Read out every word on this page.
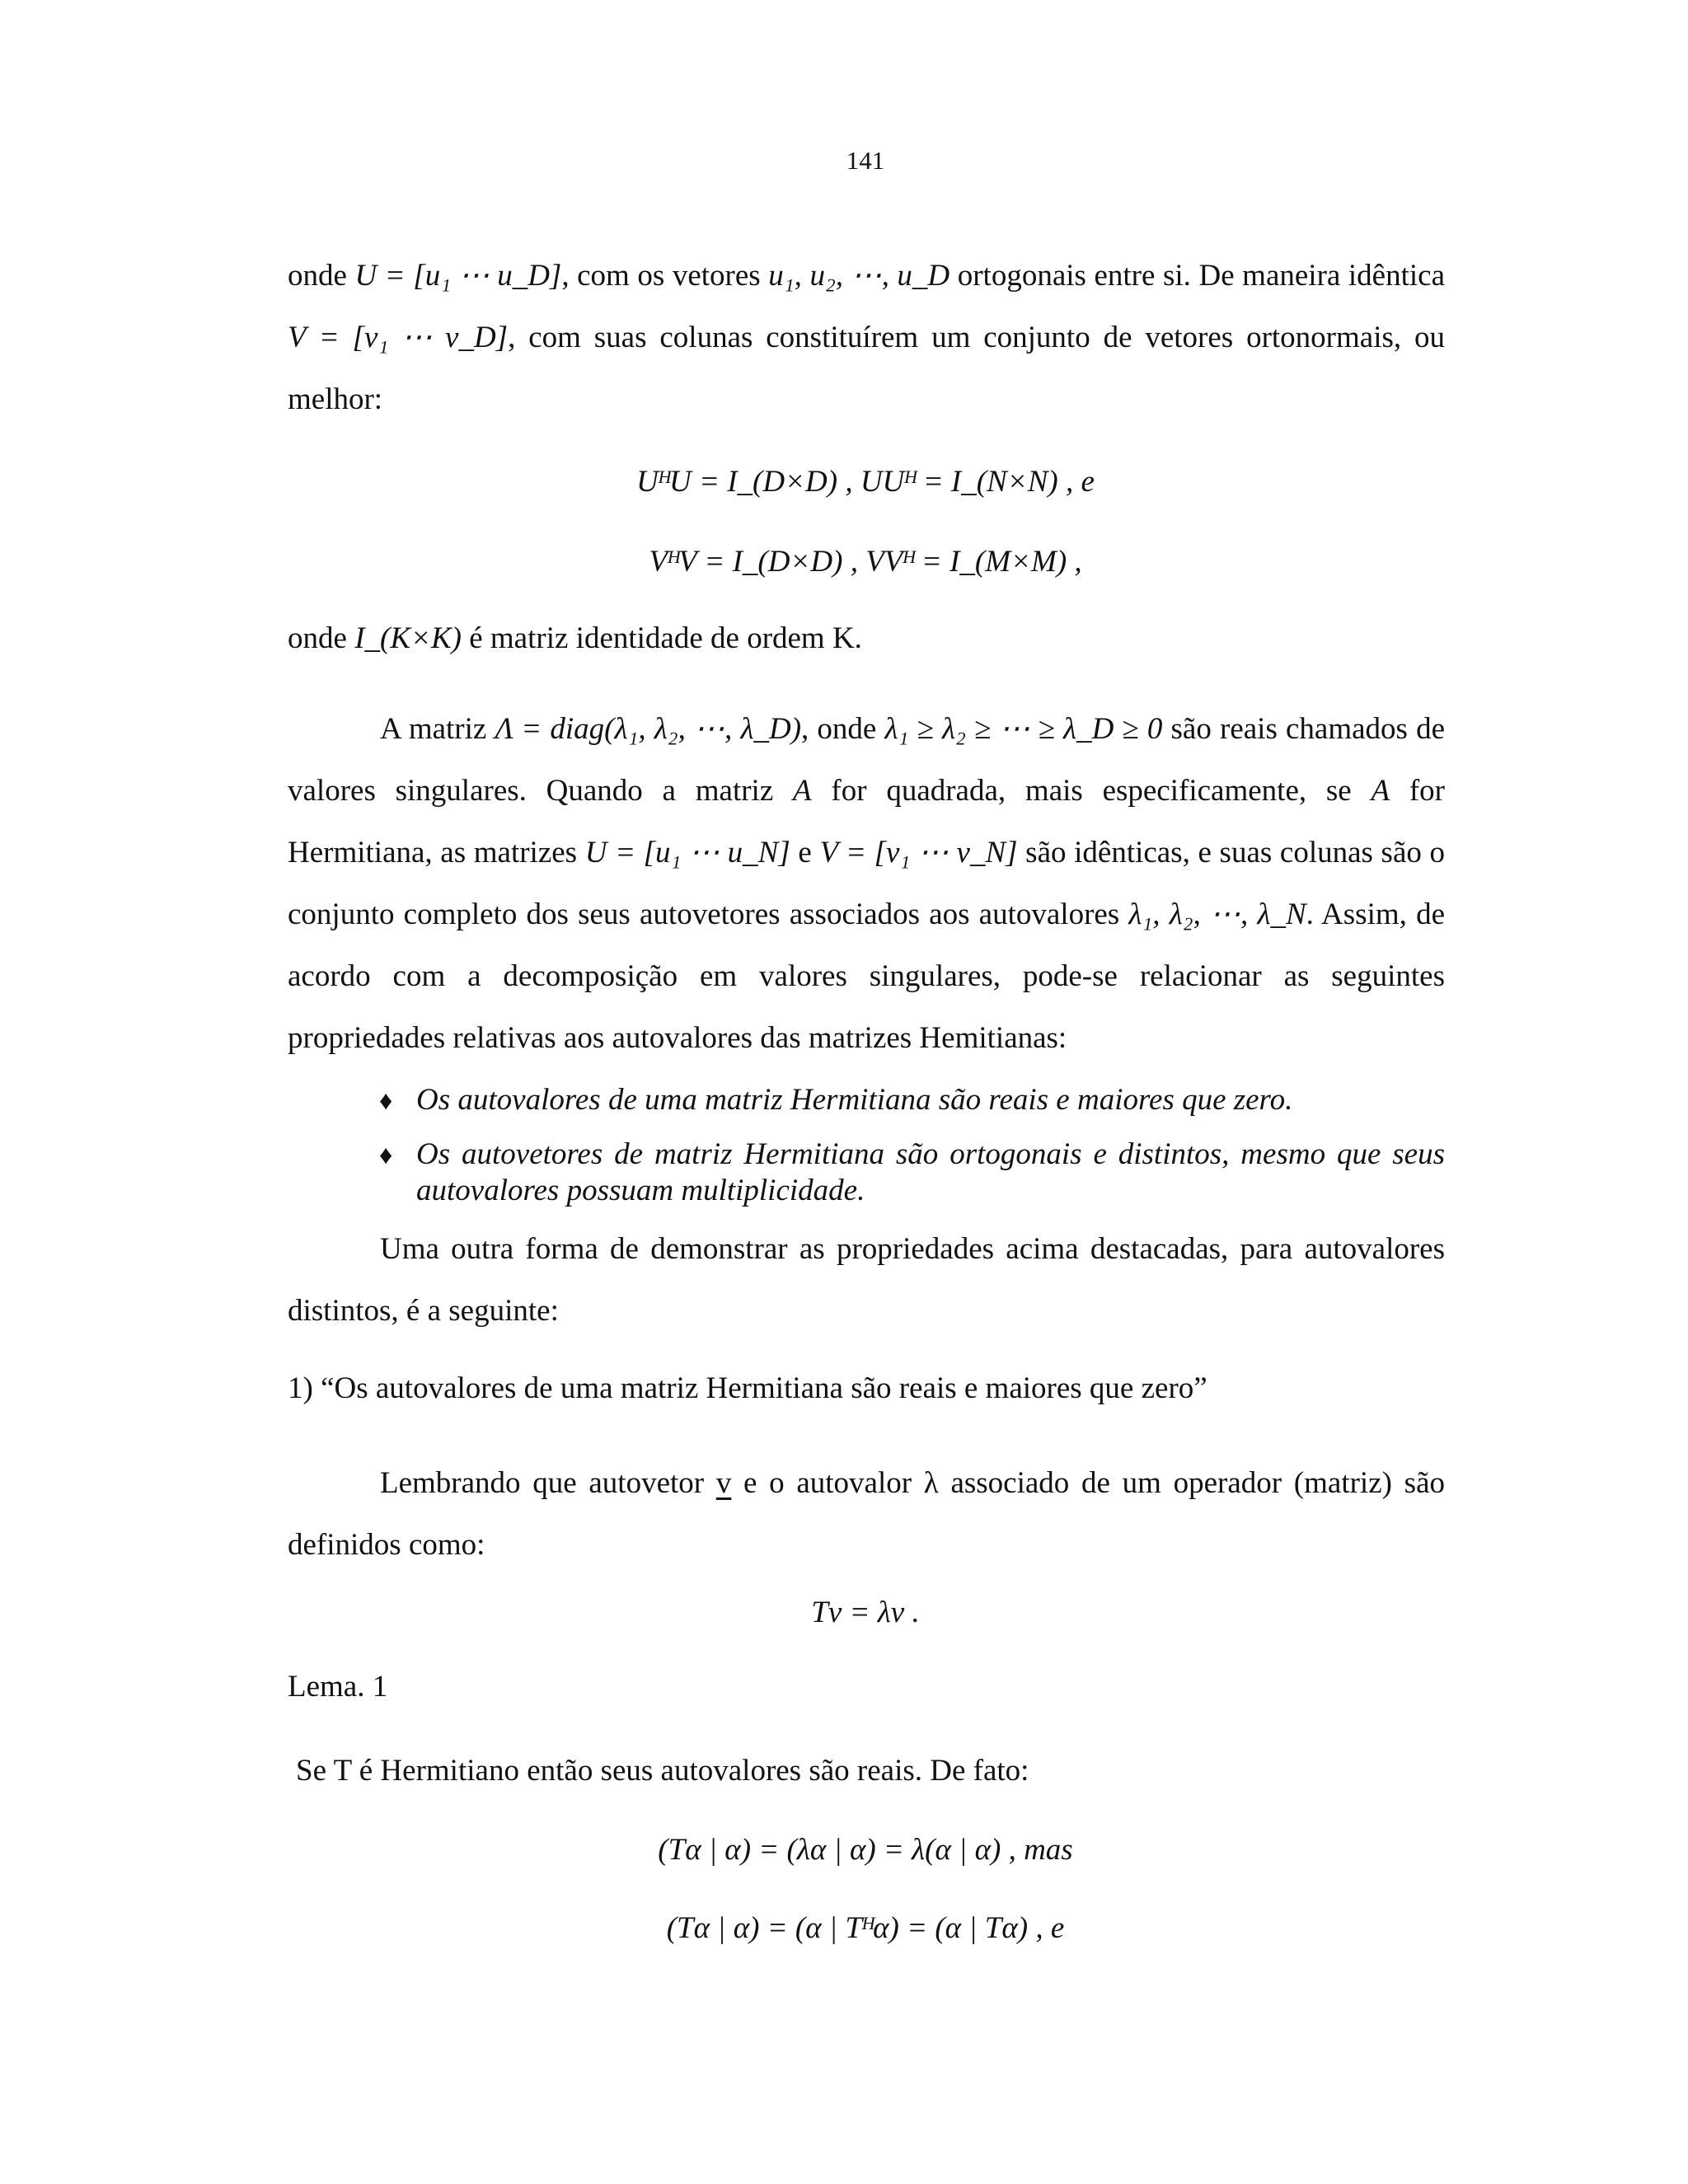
141
onde U = [u₁ ⋯ u_D], com os vetores u₁, u₂, ⋯, u_D ortogonais entre si. De maneira idêntica V = [v₁ ⋯ v_D], com suas colunas constituírem um conjunto de vetores ortonormais, ou melhor:
UᴴU = I_(D×D) , UUᴴ = I_(N×N) , e
VᴴV = I_(D×D) , VVᴴ = I_(M×M) ,
onde I_(K×K) é matriz identidade de ordem K.
A matriz Λ = diag(λ₁, λ₂, ⋯, λ_D), onde λ₁ ≥ λ₂ ≥ ⋯ ≥ λ_D ≥ 0 são reais chamados de valores singulares. Quando a matriz A for quadrada, mais especificamente, se A for Hermitiana, as matrizes U = [u₁ ⋯ u_N] e V = [v₁ ⋯ v_N] são idênticas, e suas colunas são o conjunto completo dos seus autovetores associados aos autovalores λ₁, λ₂, ⋯, λ_N. Assim, de acordo com a decomposição em valores singulares, pode-se relacionar as seguintes propriedades relativas aos autovalores das matrizes Hemitianas:
♦ Os autovalores de uma matriz Hermitiana são reais e maiores que zero.
♦ Os autovetores de matriz Hermitiana são ortogonais e distintos, mesmo que seus autovalores possuam multiplicidade.
Uma outra forma de demonstrar as propriedades acima destacadas, para autovalores distintos, é a seguinte:
1) “Os autovalores de uma matriz Hermitiana são reais e maiores que zero”
Lembrando que autovetor v e o autovalor λ associado de um operador (matriz) são definidos como:
Tv = λv .
Lema. 1
Se T é Hermitiano então seus autovalores são reais. De fato:
(Tα | α) = (λα | α) = λ(α | α) , mas
(Tα | α) = (α | Tᴴα) = (α | Tα) , e
